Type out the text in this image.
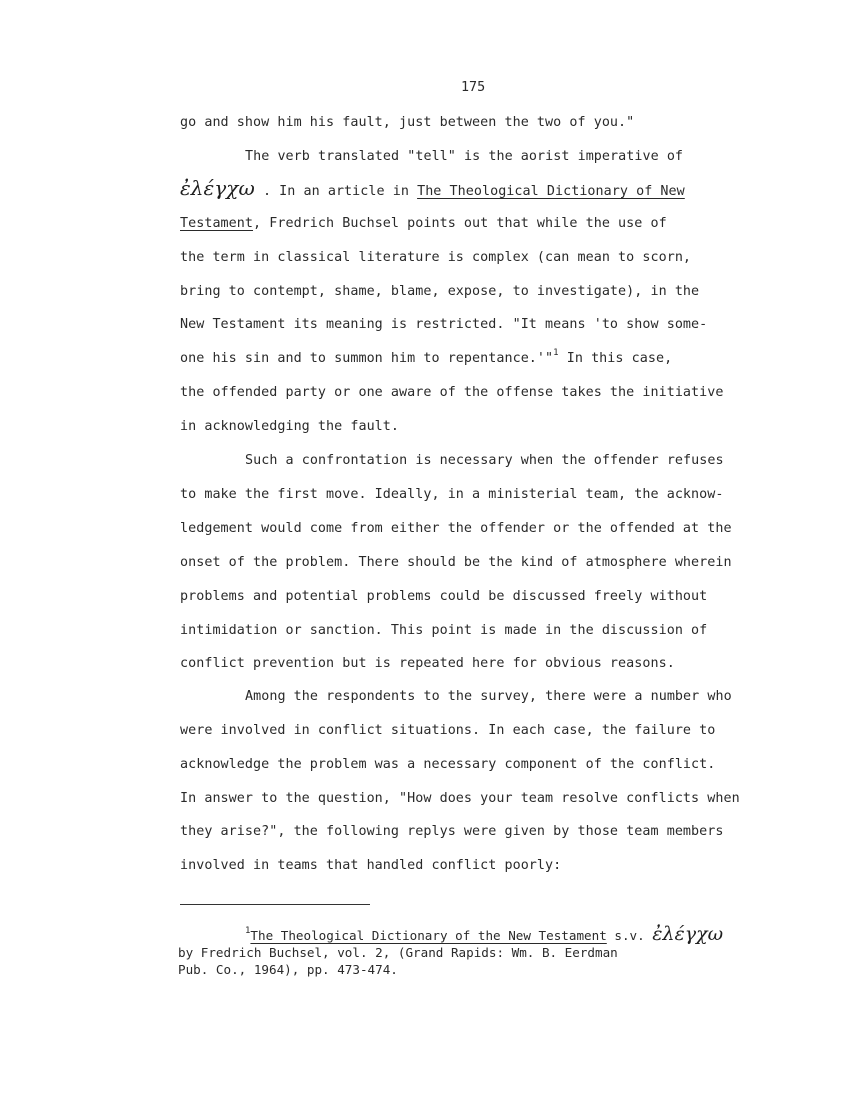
175
go and show him his fault, just between the two of you."
The verb translated "tell" is the aorist imperative of
ἐλέγχω . In an article in The Theological Dictionary of New
Testament, Fredrich Buchsel points out that while the use of
the term in classical literature is complex (can mean to scorn,
bring to contempt, shame, blame, expose, to investigate), in the
New Testament its meaning is restricted. "It means 'to show some-
one his sin and to summon him to repentance.'"$^1$ In this case,
the offended party or one aware of the offense takes the initiative
in acknowledging the fault.
Such a confrontation is necessary when the offender refuses
to make the first move. Ideally, in a ministerial team, the acknow-
ledgement would come from either the offender or the offended at the
onset of the problem. There should be the kind of atmosphere wherein
problems and potential problems could be discussed freely without
intimidation or sanction. This point is made in the discussion of
conflict prevention but is repeated here for obvious reasons.
Among the respondents to the survey, there were a number who
were involved in conflict situations. In each case, the failure to
acknowledge the problem was a necessary component of the conflict.
In answer to the question, "How does your team resolve conflicts when
they arise?", the following replys were given by those team members
involved in teams that handled conflict poorly:
$^1$The Theological Dictionary of the New Testament s.v. ἐλέγχω
by Fredrich Buchsel, vol. 2, (Grand Rapids: Wm. B. Eerdman
Pub. Co., 1964), pp. 473-474.
